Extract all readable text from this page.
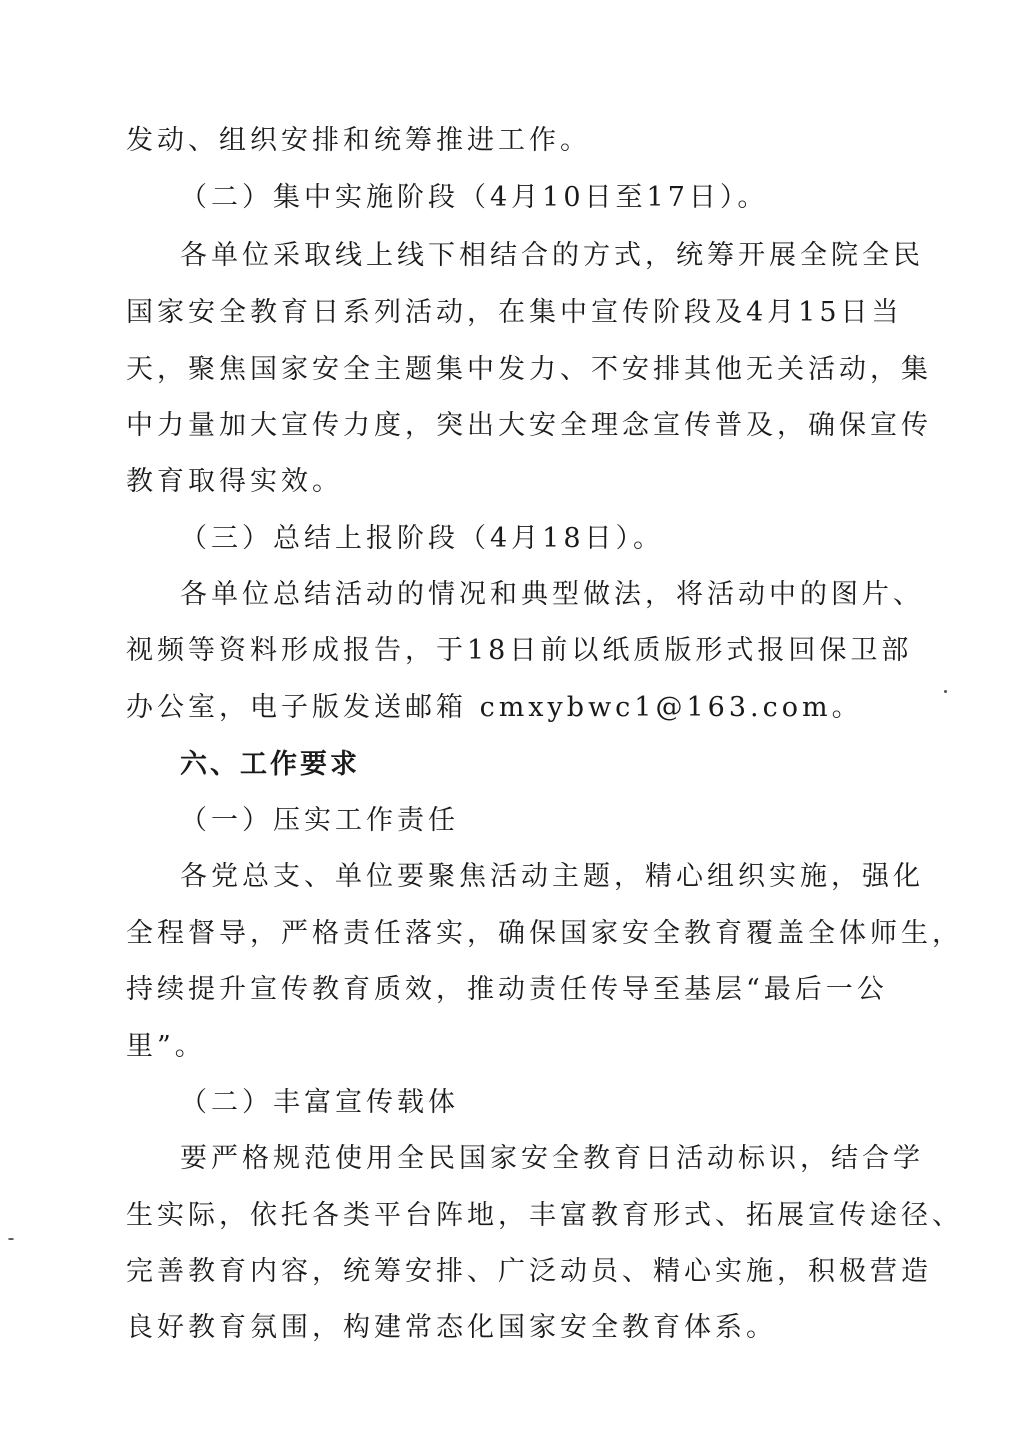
发动、组织安排和统筹推进工作。

（二）集中实施阶段（4月10日至17日）。

各单位采取线上线下相结合的方式，统筹开展全院全民

国家安全教育日系列活动，在集中宣传阶段及4月15日当

天，聚焦国家安全主题集中发力、不安排其他无关活动，集

中力量加大宣传力度，突出大安全理念宣传普及，确保宣传

教育取得实效。

（三）总结上报阶段（4月18日）。

各单位总结活动的情况和典型做法，将活动中的图片、

视频等资料形成报告，于18日前以纸质版形式报回保卫部

办公室，电子版发送邮箱 cmxybwc1@163.com。

六、工作要求

（一）压实工作责任

各党总支、单位要聚焦活动主题，精心组织实施，强化

全程督导，严格责任落实，确保国家安全教育覆盖全体师生，

持续提升宣传教育质效，推动责任传导至基层“最后一公

里”。

（二）丰富宣传载体

要严格规范使用全民国家安全教育日活动标识，结合学

生实际，依托各类平台阵地，丰富教育形式、拓展宣传途径、

完善教育内容，统筹安排、广泛动员、精心实施，积极营造

良好教育氛围，构建常态化国家安全教育体系。
